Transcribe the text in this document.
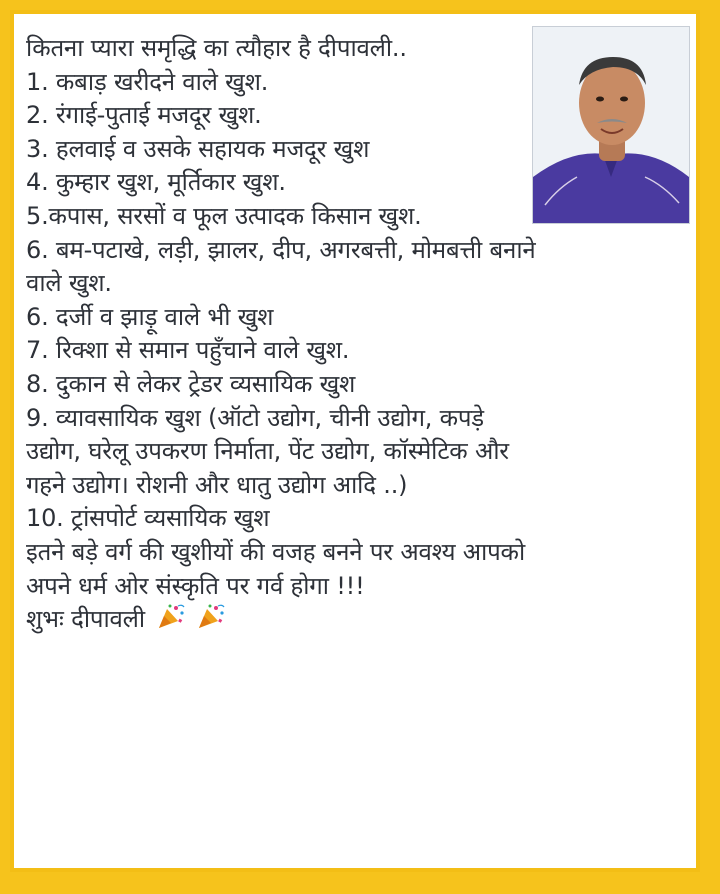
कितना प्यारा समृद्धि का त्यौहार है दीपावली..
1. कबाड़ खरीदने वाले खुश.
2. रंगाई-पुताई मजदूर खुश.
3. हलवाई व उसके सहायक मजदूर खुश
4. कुम्हार खुश, मूर्तिकार खुश.
5.कपास, सरसों व फूल उत्पादक किसान खुश.
6. बम-पटाखे, लड़ी, झालर, दीप, अगरबत्ती, मोमबत्ती बनाने
वाले खुश.
6. दर्जी व झाड़ू वाले भी खुश
7. रिक्शा से समान पहुँचाने वाले खुश.
8. दुकान से लेकर ट्रेडर व्यसायिक खुश
9. व्यावसायिक खुश (ऑटो उद्योग, चीनी उद्योग, कपड़े
उद्योग, घरेलू उपकरण निर्माता, पेंट उद्योग, कॉस्मेटिक और
गहने उद्योग। रोशनी और धातु उद्योग आदि ..)
10. ट्रांसपोर्ट व्यसायिक खुश
इतने बड़े वर्ग की खुशीयों की वजह बनने पर अवश्य आपको
अपने धर्म ओर संस्कृति पर गर्व होगा !!!
शुभः दीपावली
